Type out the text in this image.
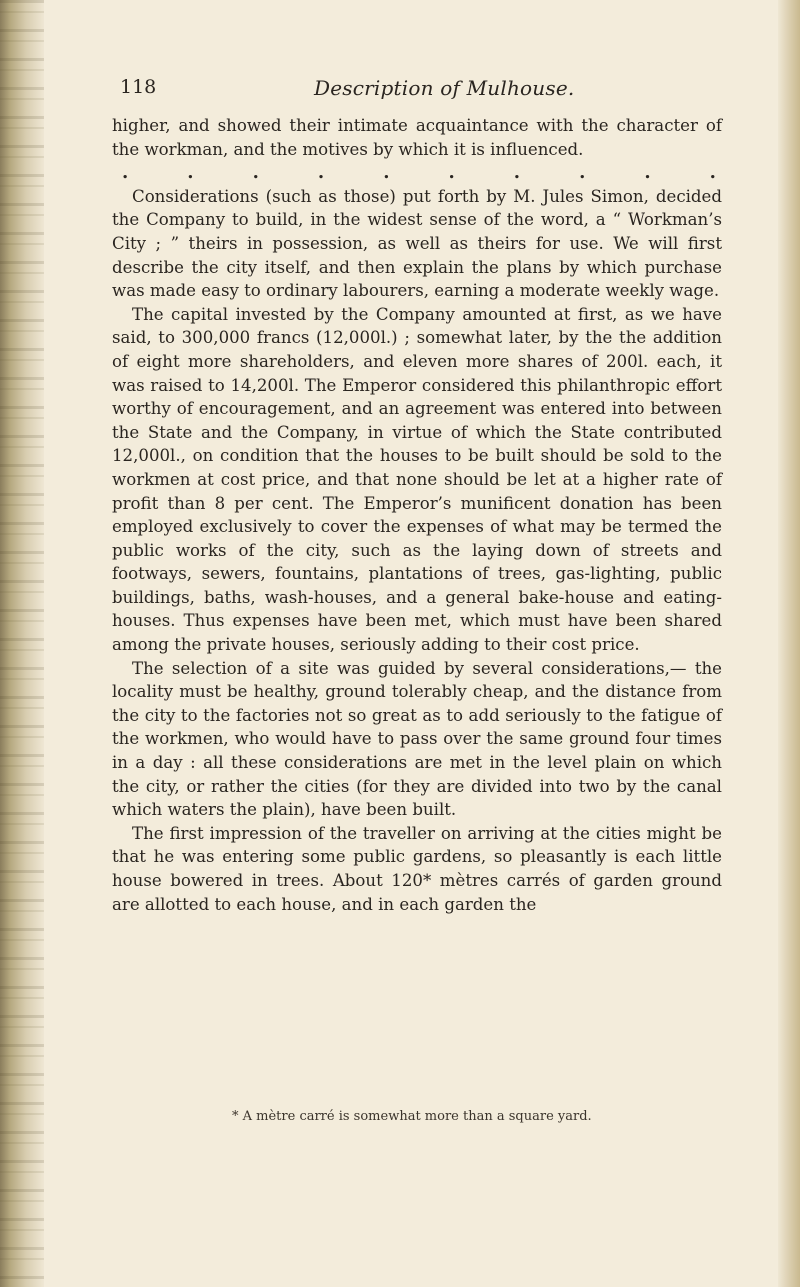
118	Description of Mulhouse.

higher, and showed their intimate acquaintance with the character of the workman, and the motives by which it is influenced.

.	.	.	.	.	.	.	.	.	.

Considerations (such as those) put forth by M. Jules Simon, decided the Company to build, in the widest sense of the word, a “ Workman’s City ; ” theirs in possession, as well as theirs for use. We will first describe the city itself, and then explain the plans by which purchase was made easy to ordinary labourers, earning a moderate weekly wage.

The capital invested by the Company amounted at first, as we have said, to 300,000 francs (12,000l.) ; somewhat later, by the the addition of eight more shareholders, and eleven more shares of 200l. each, it was raised to 14,200l. The Emperor considered this philanthropic effort worthy of encouragement, and an agreement was entered into between the State and the Company, in virtue of which the State contributed 12,000l., on condition that the houses to be built should be sold to the workmen at cost price, and that none should be let at a higher rate of profit than 8 per cent. The Emperor’s munificent donation has been employed exclusively to cover the expenses of what may be termed the public works of the city, such as the laying down of streets and footways, sewers, fountains, plantations of trees, gas-lighting, public buildings, baths, wash-houses, and a general bake-house and eating-houses. Thus expenses have been met, which must have been shared among the private houses, seriously adding to their cost price.

The selection of a site was guided by several considerations,— the locality must be healthy, ground tolerably cheap, and the distance from the city to the factories not so great as to add seriously to the fatigue of the workmen, who would have to pass over the same ground four times in a day : all these considerations are met in the level plain on which the city, or rather the cities (for they are divided into two by the canal which waters the plain), have been built.

The first impression of the traveller on arriving at the cities might be that he was entering some public gardens, so pleasantly is each little house bowered in trees. About 120* mètres carrés of garden ground are allotted to each house, and in each garden the

* A mètre carré is somewhat more than a square yard.
